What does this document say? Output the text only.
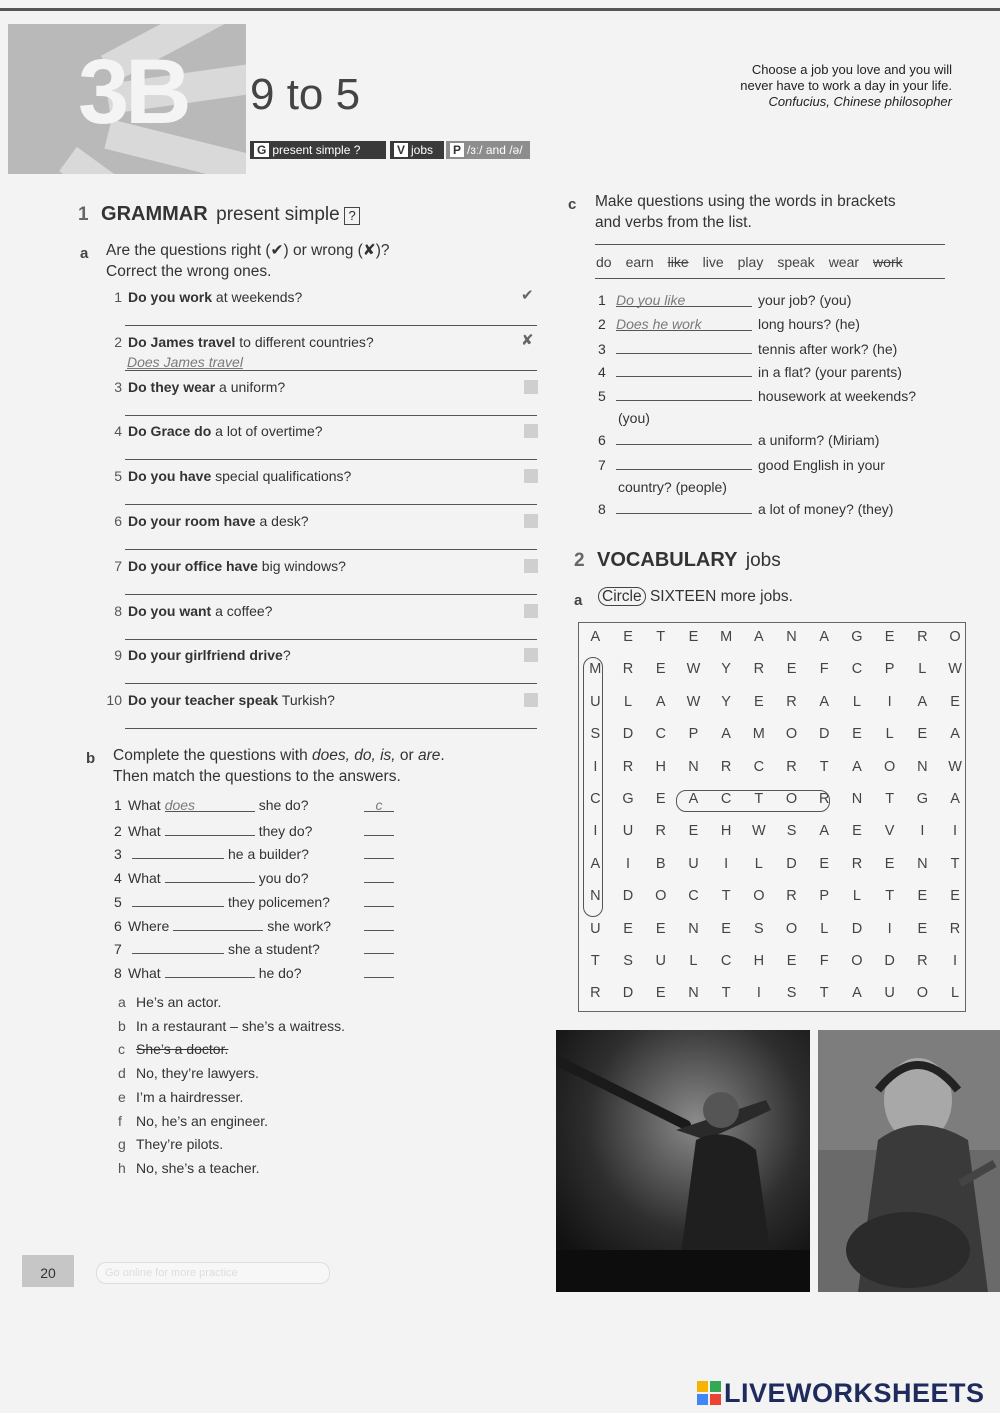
3B 9 to 5
Choose a job you love and you will
never have to work a day in your life.
Confucius, Chinese philosopher
G present simple ?	V jobs	P /ɜː/ and /ə/
1 GRAMMAR present simple ?
a Are the questions right (✔) or wrong (✘)?
Correct the wrong ones.
1 Do you work at weekends?	✔
2 Do James travel to different countries?
Does James travel
✘
3 Do they wear a uniform?
4 Do Grace do a lot of overtime?
5 Do you have special qualifications?
6 Do your room have a desk?
7 Do your office have big windows?
8 Do you want a coffee?
9 Do your girlfriend drive?
10 Do your teacher speak Turkish?
b Complete the questions with does, do, is, or are.
Then match the questions to the answers.
1 What does	she do?	c
2 What	they do?
3	he a builder?
4 What	you do?
5	they policemen?
6 Where	she work?
7	she a student?
8 What	he do?
a He’s an actor.
b In a restaurant – she’s a waitress.
c She’s a doctor.
d No, they’re lawyers.
e I’m a hairdresser.
f No, he’s an engineer.
g They’re pilots.
h No, she’s a teacher.
c Make questions using the words in brackets
and verbs from the list.
do earn like live play speak wear work
1 Do you like	your job? (you)
2 Does he work	long hours? (he)
3	tennis after work? (he)
4	in a flat? (your parents)
5	housework at weekends?
(you)
6	a uniform? (Miriam)
7	good English in your
country? (people)
8	a lot of money? (they)
2 VOCABULARY jobs
a Circle SIXTEEN more jobs.
A	E	T	E	M	A	N	A	G	E	R	O
M	R	E	W	Y	R	E	F	C	P	L	W
U	L	A	W	Y	E	R	A	L	I	A	E
S	D	C	P	A	M	O	D	E	L	E	A
I	R	H	N	R	C	R	T	A	O	N	W
C	G	E	A	C	T	O	R	N	T	G	A
I	U	R	E	H	W	S	A	E	V	I	I
A	I	B	U	I	L	D	E	R	E	N	T
N	D	O	C	T	O	R	P	L	T	E	E
U	E	E	N	E	S	O	L	D	I	E	R
T	S	U	L	C	H	E	F	O	D	R	I
R	D	E	N	T	I	S	T	A	U	O	L
20	Go online for more practice
LIVEWORKSHEETS
